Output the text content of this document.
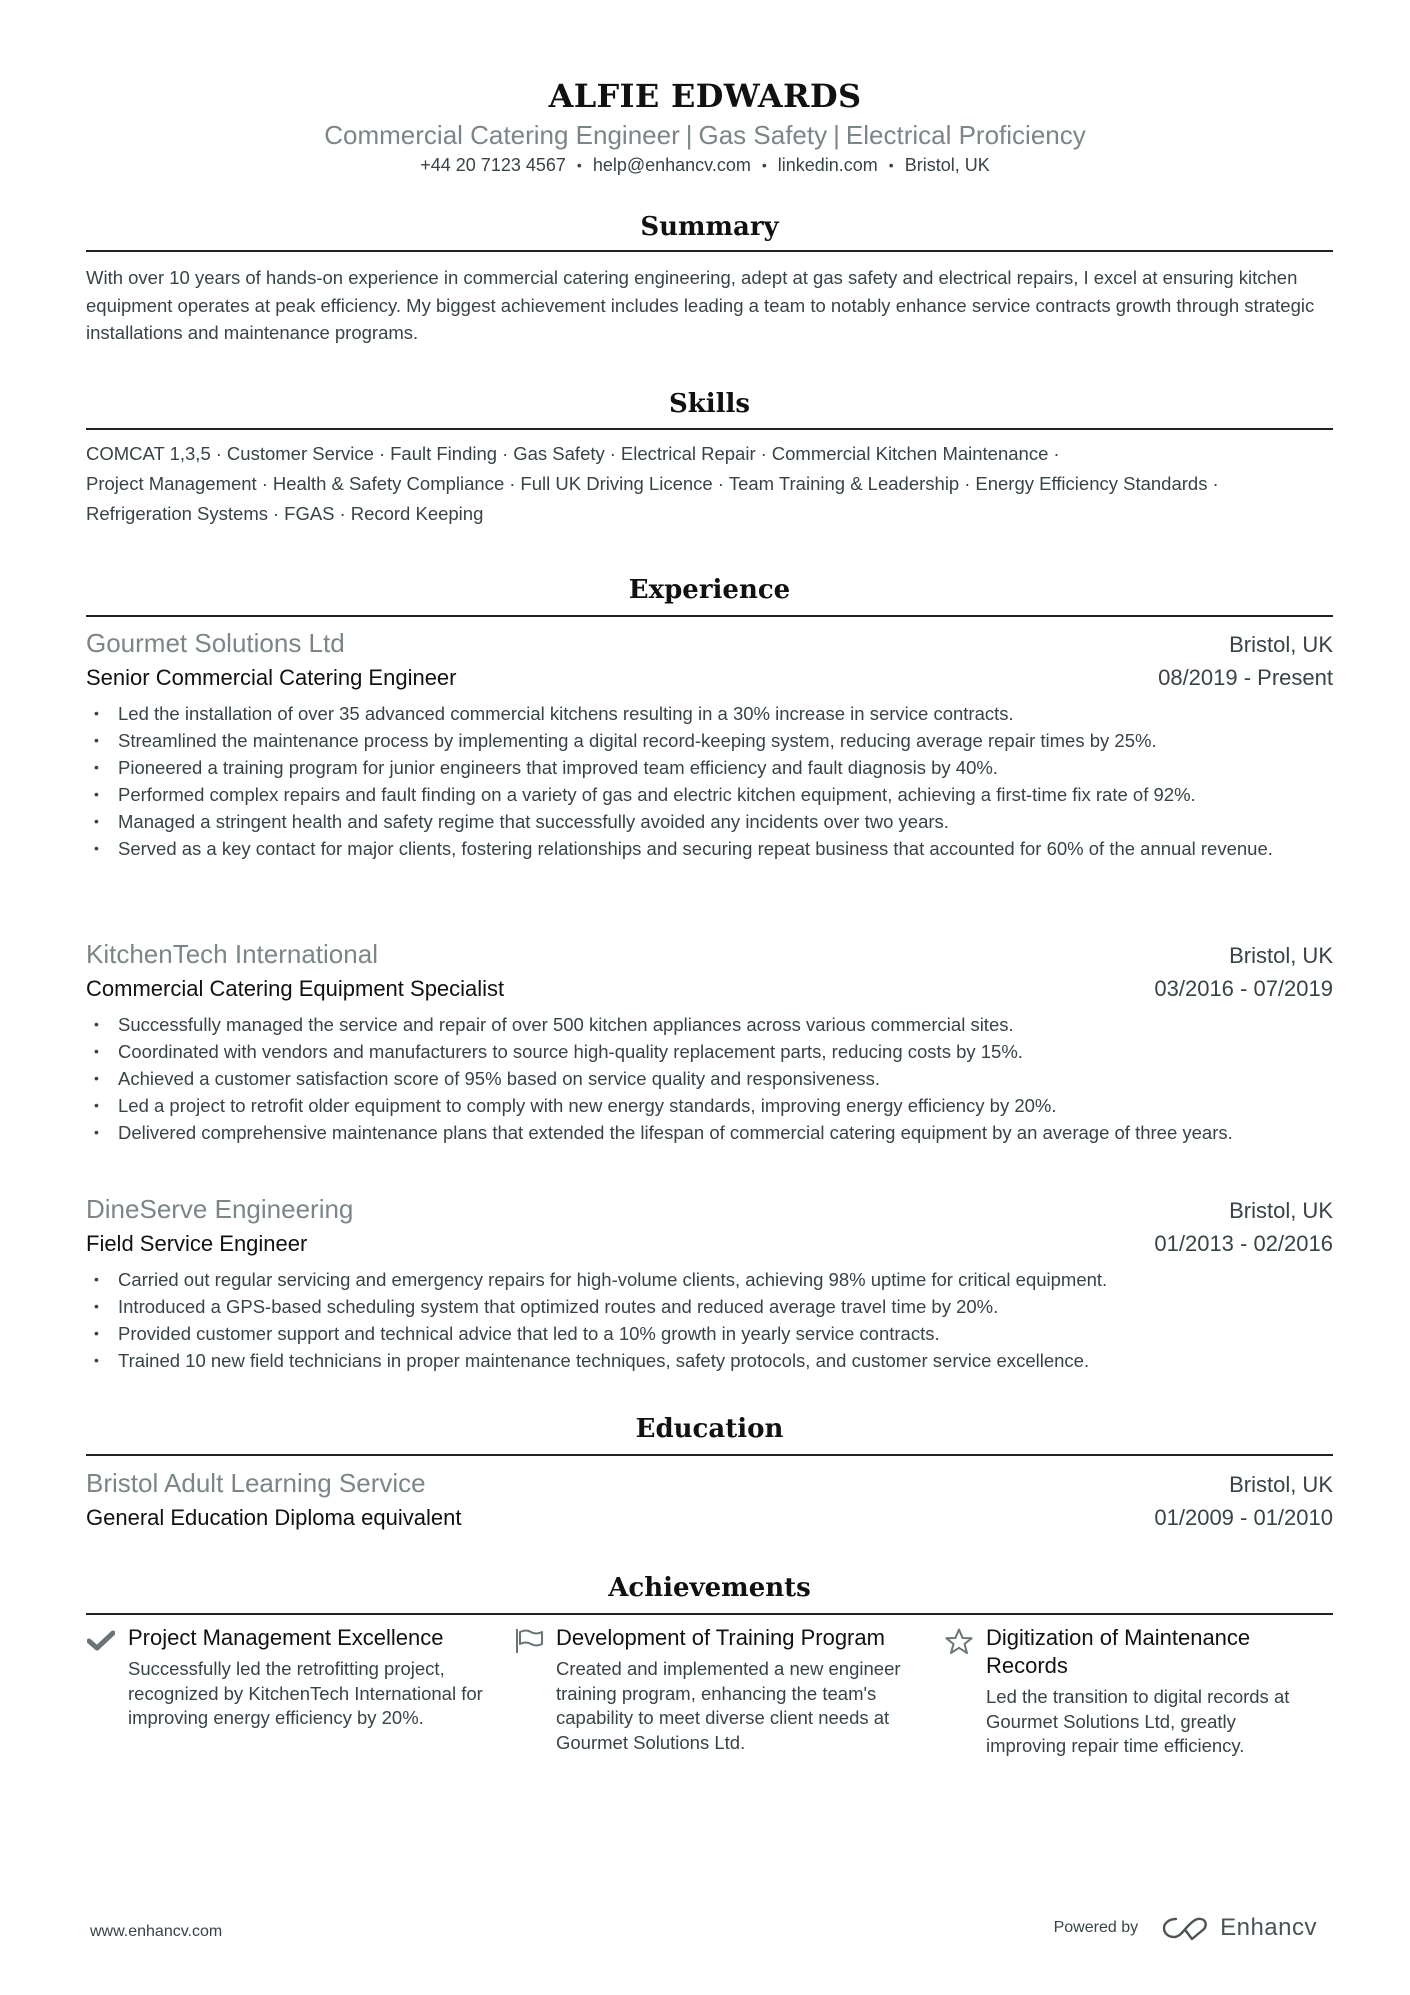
ALFIE EDWARDS
Commercial Catering Engineer | Gas Safety | Electrical Proficiency
+44 20 7123 4567 • help@enhancv.com • linkedin.com • Bristol, UK
Summary
With over 10 years of hands-on experience in commercial catering engineering, adept at gas safety and electrical repairs, I excel at ensuring kitchen equipment operates at peak efficiency. My biggest achievement includes leading a team to notably enhance service contracts growth through strategic installations and maintenance programs.
Skills
COMCAT 1,3,5 · Customer Service · Fault Finding · Gas Safety · Electrical Repair · Commercial Kitchen Maintenance ·
Project Management · Health & Safety Compliance · Full UK Driving Licence · Team Training & Leadership · Energy Efficiency Standards ·
Refrigeration Systems · FGAS · Record Keeping
Experience
Gourmet Solutions Ltd	Bristol, UK
Senior Commercial Catering Engineer	08/2019 - Present
• Led the installation of over 35 advanced commercial kitchens resulting in a 30% increase in service contracts.
• Streamlined the maintenance process by implementing a digital record-keeping system, reducing average repair times by 25%.
• Pioneered a training program for junior engineers that improved team efficiency and fault diagnosis by 40%.
• Performed complex repairs and fault finding on a variety of gas and electric kitchen equipment, achieving a first-time fix rate of 92%.
• Managed a stringent health and safety regime that successfully avoided any incidents over two years.
• Served as a key contact for major clients, fostering relationships and securing repeat business that accounted for 60% of the annual revenue.
KitchenTech International	Bristol, UK
Commercial Catering Equipment Specialist	03/2016 - 07/2019
• Successfully managed the service and repair of over 500 kitchen appliances across various commercial sites.
• Coordinated with vendors and manufacturers to source high-quality replacement parts, reducing costs by 15%.
• Achieved a customer satisfaction score of 95% based on service quality and responsiveness.
• Led a project to retrofit older equipment to comply with new energy standards, improving energy efficiency by 20%.
• Delivered comprehensive maintenance plans that extended the lifespan of commercial catering equipment by an average of three years.
DineServe Engineering	Bristol, UK
Field Service Engineer	01/2013 - 02/2016
• Carried out regular servicing and emergency repairs for high-volume clients, achieving 98% uptime for critical equipment.
• Introduced a GPS-based scheduling system that optimized routes and reduced average travel time by 20%.
• Provided customer support and technical advice that led to a 10% growth in yearly service contracts.
• Trained 10 new field technicians in proper maintenance techniques, safety protocols, and customer service excellence.
Education
Bristol Adult Learning Service	Bristol, UK
General Education Diploma equivalent	01/2009 - 01/2010
Achievements
Project Management Excellence
Successfully led the retrofitting project, recognized by KitchenTech International for improving energy efficiency by 20%.
Development of Training Program
Created and implemented a new engineer training program, enhancing the team's capability to meet diverse client needs at Gourmet Solutions Ltd.
Digitization of Maintenance Records
Led the transition to digital records at Gourmet Solutions Ltd, greatly improving repair time efficiency.
www.enhancv.com	Powered by	Enhancv
